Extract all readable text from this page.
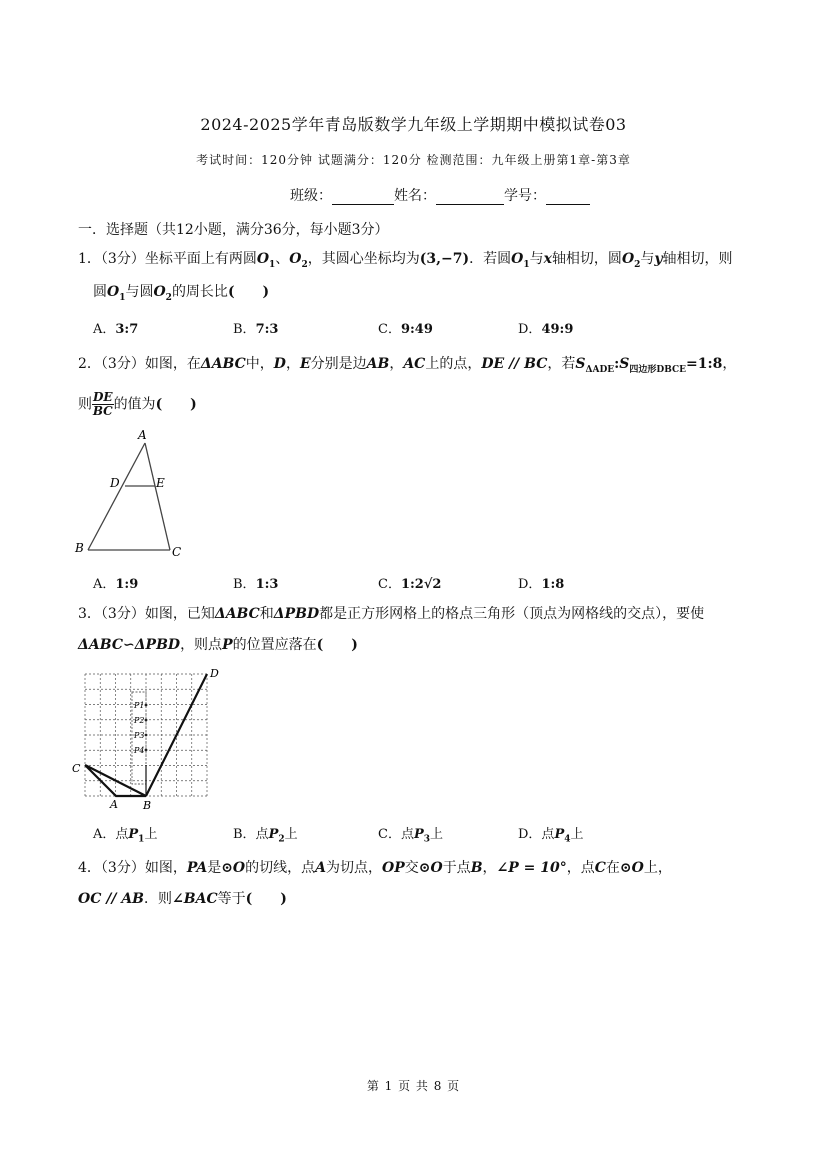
2024-2025学年青岛版数学九年级上学期期中模拟试卷03
考试时间：120分钟 试题满分：120分 检测范围：九年级上册第1章-第3章
班级：	姓名：	学号：
一．选择题（共12小题，满分36分，每小题3分）
1．（3分）坐标平面上有两圆$O_1$、$O_2$，其圆心坐标均为(3,−7)．若圆$O_1$与x轴相切，圆$O_2$与y轴相切，则
圆$O_1$与圆$O_2$的周长比(　　)
A．3:7	B．7:3	C．9:49	D．49:9
2．（3分）如图，在ΔABC中，D，E分别是边AB，AC上的点，DE // BC，若$S_{\Delta ADE}:S_{四边形DBCE}=1:8$，
则 $\frac{DE}{BC}$ 的值为(　　)
A
D	E
B	C
A．1:9	B．1:3	C．1:2√2	D．1:8
3．（3分）如图，已知ΔABC和ΔPBD都是正方形网格上的格点三角形（顶点为网格线的交点），要使
ΔABC∽ΔPBD，则点P的位置应落在(　　)
P1
P2
P3
P4
C
A B
D
A．点$P_1$上	B．点$P_2$上	C．点$P_3$上	D．点$P_4$上
4．（3分）如图，PA是⊙O的切线，点A为切点，OP交⊙O于点B，∠P = 10°，点C在⊙O上，
OC // AB．则∠BAC等于(　　)
第 1 页 共 8 页
